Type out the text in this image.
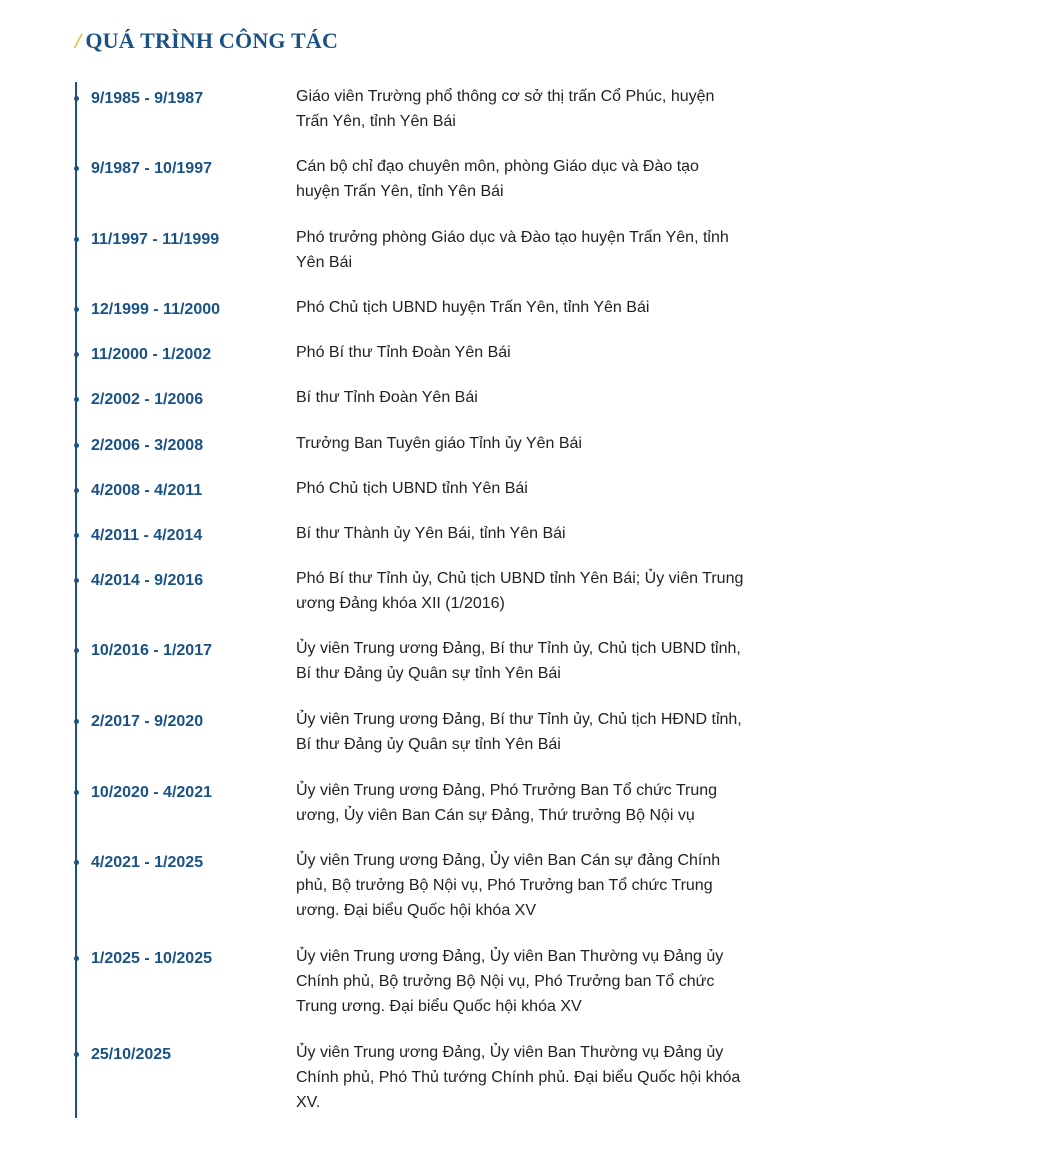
/ QUÁ TRÌNH CÔNG TÁC
9/1985 - 9/1987	Giáo viên Trường phổ thông cơ sở thị trấn Cổ Phúc, huyện Trấn Yên, tỉnh Yên Bái
9/1987 - 10/1997	Cán bộ chỉ đạo chuyên môn, phòng Giáo dục và Đào tạo huyện Trấn Yên, tỉnh Yên Bái
11/1997 - 11/1999	Phó trưởng phòng Giáo dục và Đào tạo huyện Trấn Yên, tỉnh Yên Bái
12/1999 - 11/2000	Phó Chủ tịch UBND huyện Trấn Yên, tỉnh Yên Bái
11/2000 - 1/2002	Phó Bí thư Tỉnh Đoàn Yên Bái
2/2002 - 1/2006	Bí thư Tỉnh Đoàn Yên Bái
2/2006 - 3/2008	Trưởng Ban Tuyên giáo Tỉnh ủy Yên Bái
4/2008 - 4/2011	Phó Chủ tịch UBND tỉnh Yên Bái
4/2011 - 4/2014	Bí thư Thành ủy Yên Bái, tỉnh Yên Bái
4/2014 - 9/2016	Phó Bí thư Tỉnh ủy, Chủ tịch UBND tỉnh Yên Bái; Ủy viên Trung ương Đảng khóa XII (1/2016)
10/2016 - 1/2017	Ủy viên Trung ương Đảng, Bí thư Tỉnh ủy, Chủ tịch UBND tỉnh, Bí thư Đảng ủy Quân sự tỉnh Yên Bái
2/2017 - 9/2020	Ủy viên Trung ương Đảng, Bí thư Tỉnh ủy, Chủ tịch HĐND tỉnh, Bí thư Đảng ủy Quân sự tỉnh Yên Bái
10/2020 - 4/2021	Ủy viên Trung ương Đảng, Phó Trưởng Ban Tổ chức Trung ương, Ủy viên Ban Cán sự Đảng, Thứ trưởng Bộ Nội vụ
4/2021 - 1/2025	Ủy viên Trung ương Đảng, Ủy viên Ban Cán sự đảng Chính phủ, Bộ trưởng Bộ Nội vụ, Phó Trưởng ban Tổ chức Trung ương. Đại biểu Quốc hội khóa XV
1/2025 - 10/2025	Ủy viên Trung ương Đảng, Ủy viên Ban Thường vụ Đảng ủy Chính phủ, Bộ trưởng Bộ Nội vụ, Phó Trưởng ban Tổ chức Trung ương. Đại biểu Quốc hội khóa XV
25/10/2025	Ủy viên Trung ương Đảng, Ủy viên Ban Thường vụ Đảng ủy Chính phủ, Phó Thủ tướng Chính phủ. Đại biểu Quốc hội khóa XV.
